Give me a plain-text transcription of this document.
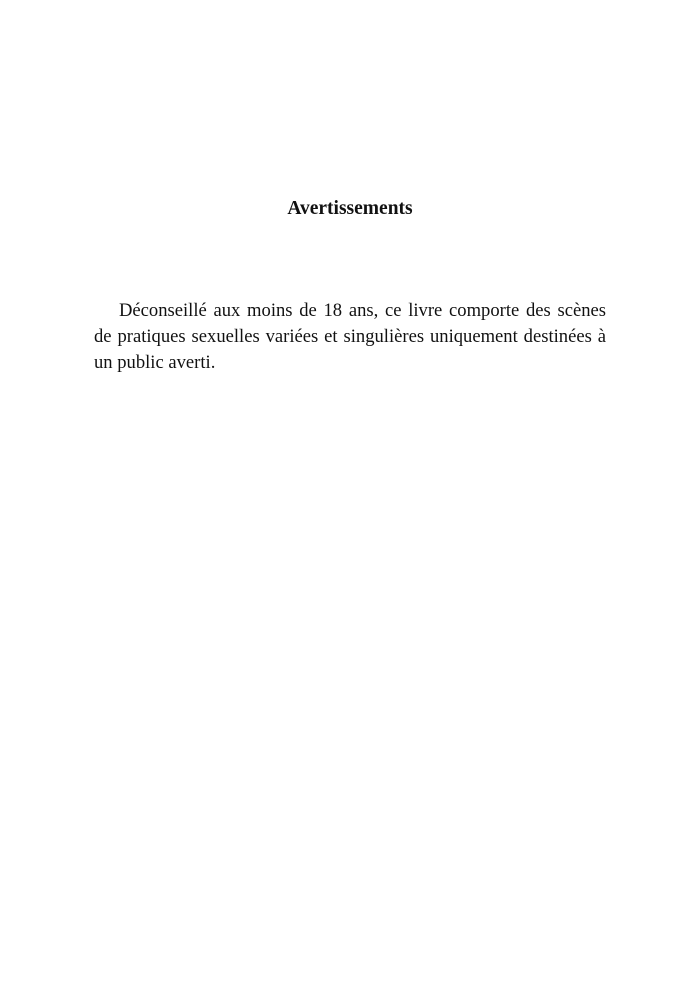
Avertissements

Déconseillé aux moins de 18 ans, ce livre comporte des scènes de pratiques sexuelles variées et singulières uniquement destinées à un public averti.
